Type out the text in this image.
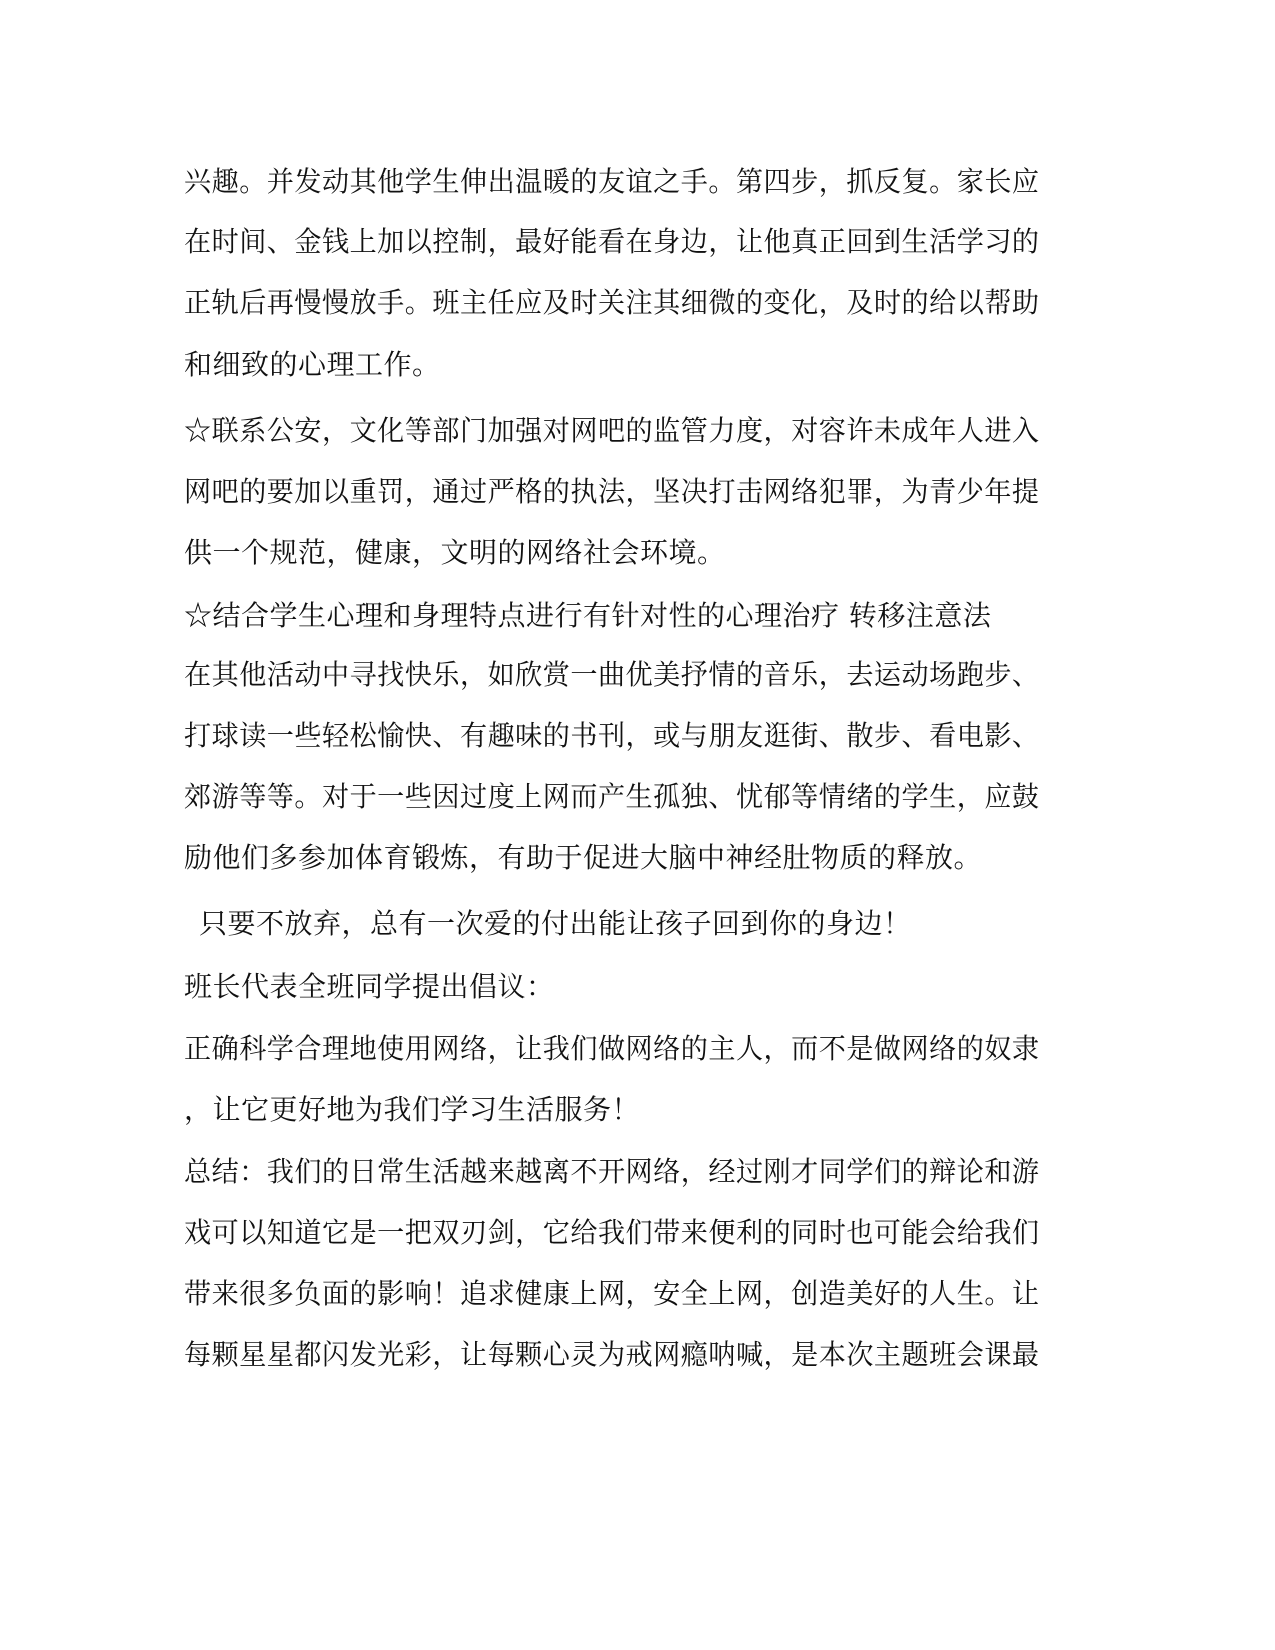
兴趣。并发动其他学生伸出温暖的友谊之手。第四步，抓反复。家长应

在时间、金钱上加以控制，最好能看在身边，让他真正回到生活学习的

正轨后再慢慢放手。班主任应及时关注其细微的变化，及时的给以帮助

和细致的心理工作。

☆联系公安，文化等部门加强对网吧的监管力度，对容许未成年人进入

网吧的要加以重罚，通过严格的执法，坚决打击网络犯罪，为青少年提

供一个规范，健康，文明的网络社会环境。

☆结合学生心理和身理特点进行有针对性的心理治疗 转移注意法

在其他活动中寻找快乐，如欣赏一曲优美抒情的音乐，去运动场跑步、

打球读一些轻松愉快、有趣味的书刊，或与朋友逛街、散步、看电影、

郊游等等。对于一些因过度上网而产生孤独、忧郁等情绪的学生，应鼓

励他们多参加体育锻炼，有助于促进大脑中神经肚物质的释放。

只要不放弃，总有一次爱的付出能让孩子回到你的身边！

班长代表全班同学提出倡议：

正确科学合理地使用网络，让我们做网络的主人，而不是做网络的奴隶

，让它更好地为我们学习生活服务！

总结：我们的日常生活越来越离不开网络，经过刚才同学们的辩论和游

戏可以知道它是一把双刃剑，它给我们带来便利的同时也可能会给我们

带来很多负面的影响！追求健康上网，安全上网，创造美好的人生。让

每颗星星都闪发光彩，让每颗心灵为戒网瘾呐喊，是本次主题班会课最
